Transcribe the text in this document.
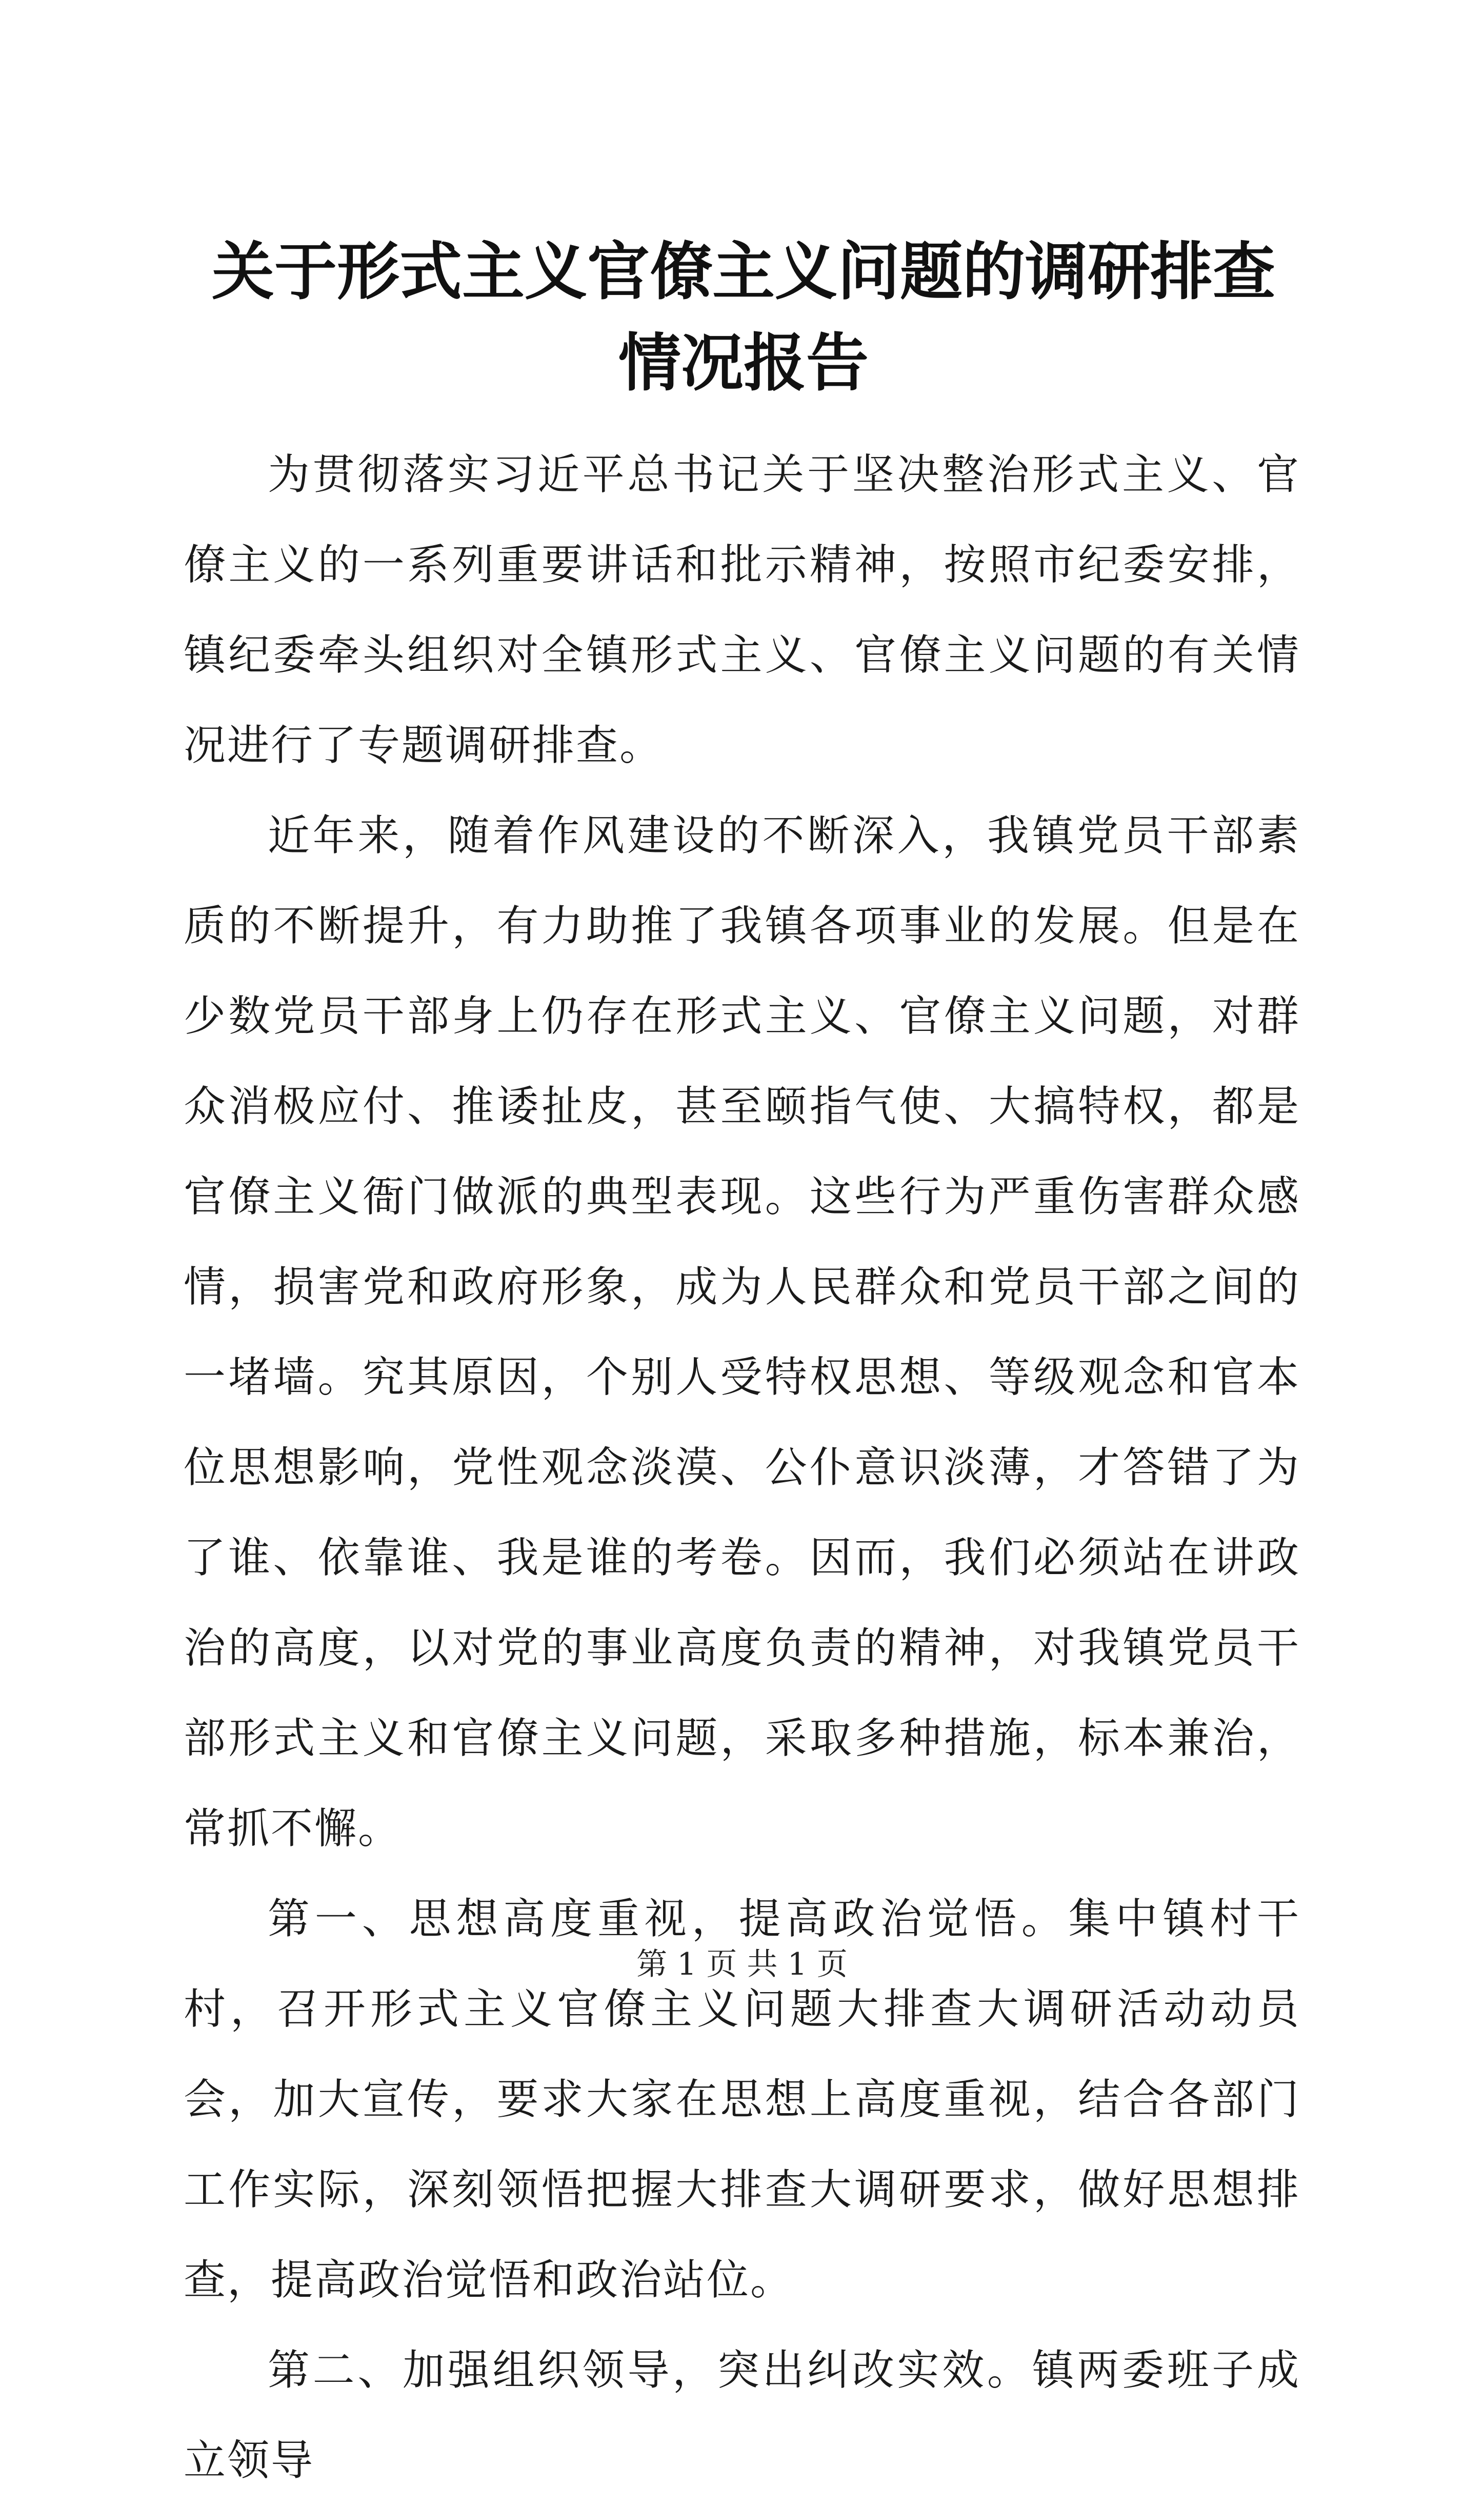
关于形式主义官僚主义问题的调研排查情况报告

为贯彻落实习近平总书记关于坚决整治形式主义、官僚主义的一系列重要讲话和批示精神，按照市纪委安排，镇纪委牵头组织对全镇形式主义、官僚主义问题的有关情况进行了专题调研排查。

近年来，随着作风建设的不断深入，我镇党员干部素质的不断提升，有力助推了我镇各项事业的发展。但是在少数党员干部身上仍存在形式主义、官僚主义问题，对群众消极应付、推诿扯皮，甚至颐指气使、大搞特权，都是官僚主义衙门做派的典型表现。这些行为严重伤害群众感情，损害党和政府形象，成为人民群众和党员干部之间的一堵墙。究其原因，个别人受特权思想、等级观念和官本位思想影响，党性观念淡漠、公仆意识淡薄，才答错了为了谁、依靠谁、我是谁的考卷。因而，我们必须站在讲政治的高度，以对党的事业高度负责的精神，对我镇党员干部形式主义和官僚主义问题，采取多种措施，标本兼治，常抓不懈。

第一、思想高度重视，提高政治觉悟。集中镇村干村，召开形式主义官僚主义问题大排查大调研活动动员会，加大宣传，要求大家在思想上高度重视，结合各部门工作实际，深刻领悟把握大排查大调研要求，做好思想排查，提高政治觉悟和政治站位。

第二、加强组织领导，突出纠改实效。镇两委班子成立领导

第 1 页 共 1 页
